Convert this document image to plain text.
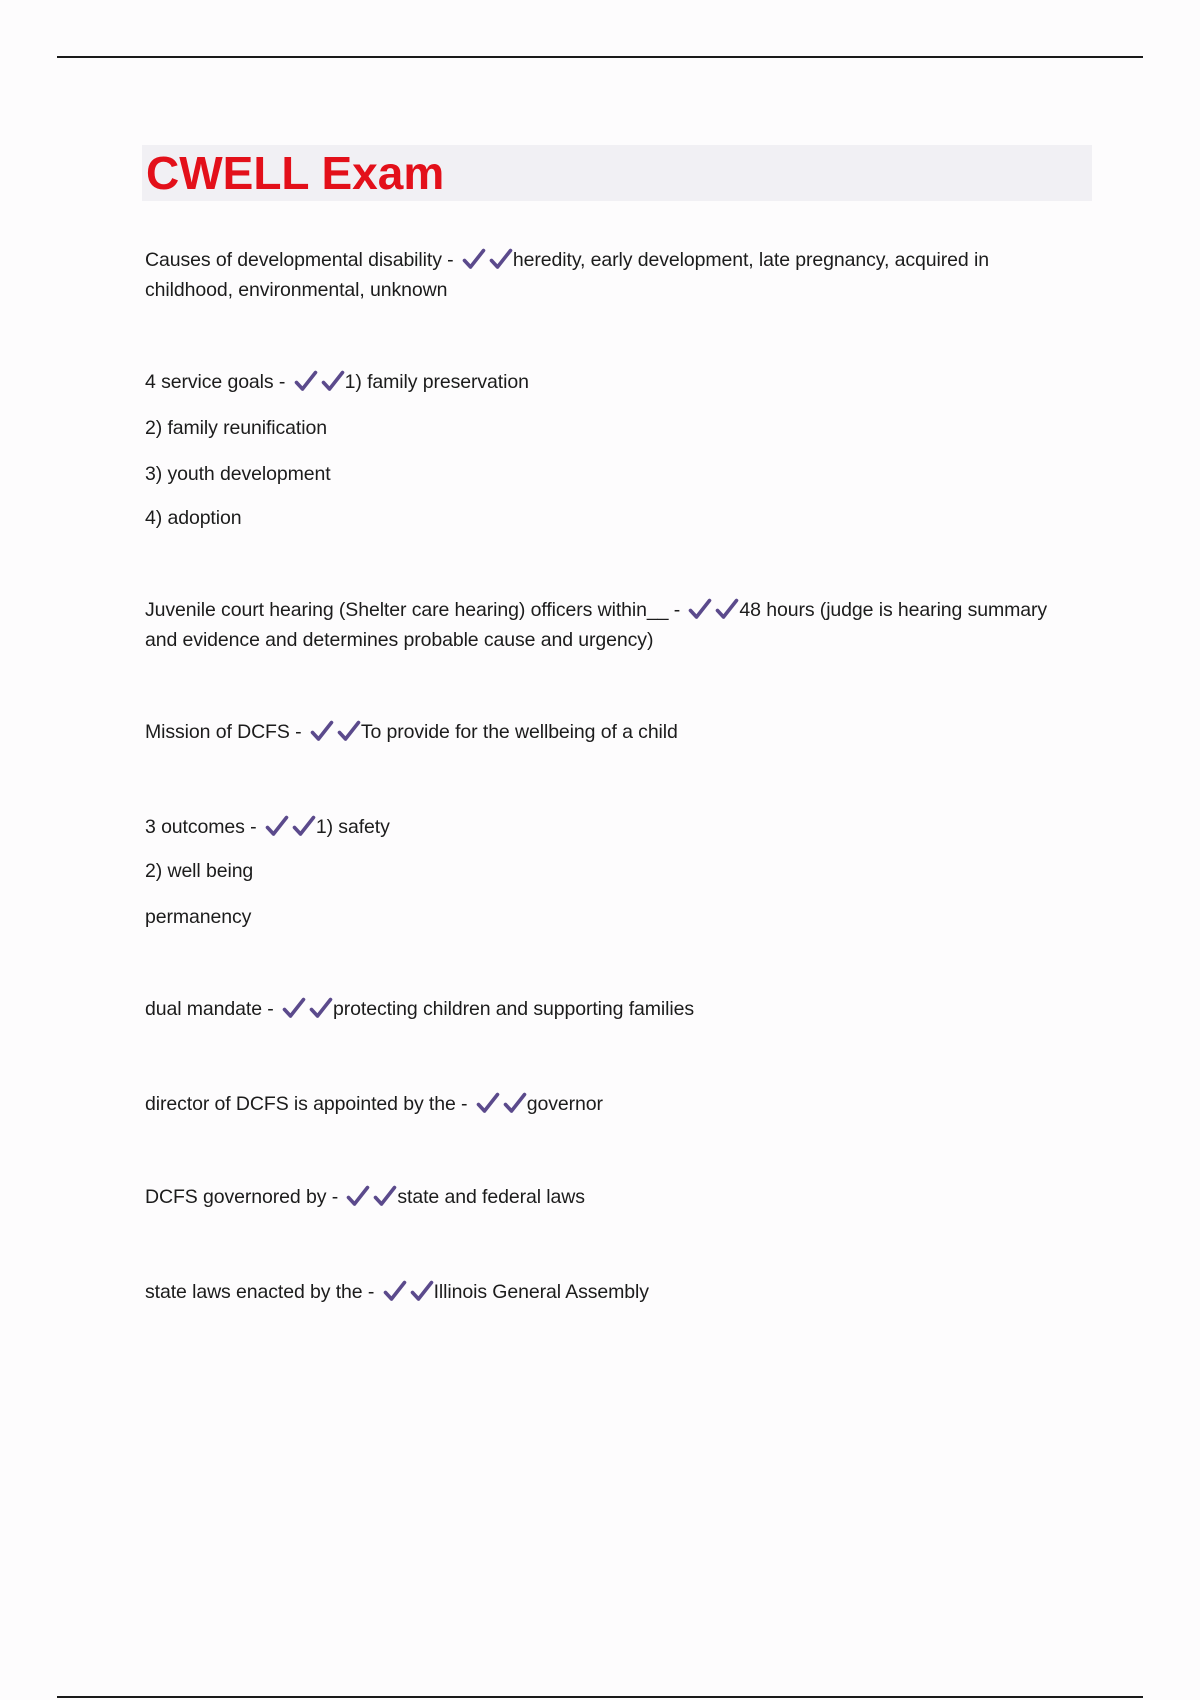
CWELL Exam

Causes of developmental disability -	heredity, early development, late pregnancy, acquired in childhood, environmental, unknown

4 service goals -	1) family preservation

2) family reunification

3) youth development

4) adoption

Juvenile court hearing (Shelter care hearing) officers within__ -	48 hours (judge is hearing summary and evidence and determines probable cause and urgency)

Mission of DCFS -	To provide for the wellbeing of a child

3 outcomes -	1) safety

2) well being

permanency

dual mandate -	protecting children and supporting families

director of DCFS is appointed by the -	governor

DCFS governored by -	state and federal laws

state laws enacted by the -	Illinois General Assembly
